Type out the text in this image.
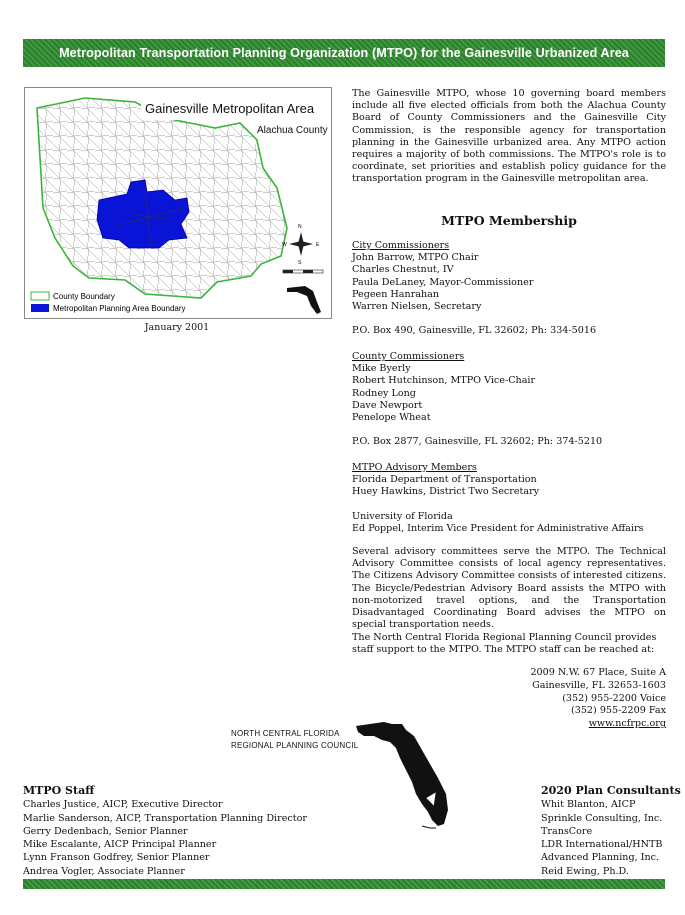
Metropolitan Transportation Planning Organization (MTPO) for the Gainesville Urbanized Area
Gainesville Metropolitan Area
Alachua County
N
W	E
S
County Boundary
Metropolitan Planning Area Boundary
January 2001
The Gainesville MTPO, whose 10 governing board members include all five elected officials from both the Alachua County Board of County Commissioners and the Gainesville City Commission, is the responsible agency for transportation planning in the Gainesville urbanized area. Any MTPO action requires a majority of both commissions. The MTPO's role is to coordinate, set priorities and establish policy guidance for the transportation program in the Gainesville metropolitan area.
MTPO Membership

City Commissioners

John Barrow, MTPO Chair

Charles Chestnut, IV

Paula DeLaney, Mayor-Commissioner

Pegeen Hanrahan

Warren Nielsen, Secretary

P.O. Box 490, Gainesville, FL 32602; Ph: 334-5016

County Commissioners

Mike Byerly

Robert Hutchinson, MTPO Vice-Chair

Rodney Long

Dave Newport

Penelope Wheat

P.O. Box 2877, Gainesville, FL 32602; Ph: 374-5210

MTPO Advisory Members

Florida Department of Transportation

Huey Hawkins, District Two Secretary

University of Florida

Ed Poppel, Interim Vice President for Administrative Affairs

Several advisory committees serve the MTPO. The Technical Advisory Committee consists of local agency representatives. The Citizens Advisory Committee consists of interested citizens. The Bicycle/Pedestrian Advisory Board assists the MTPO with non-motorized travel options, and the Transportation Disadvantaged Coordinating Board advises the MTPO on special transportation needs.
The North Central Florida Regional Planning Council provides staff support to the MTPO. The MTPO staff can be reached at:
2009 N.W. 67 Place, Suite A
Gainesville, FL 32653-1603
(352) 955-2200 Voice
(352) 955-2209 Fax
www.ncfrpc.org
NORTH CENTRAL FLORIDA
REGIONAL PLANNING COUNCIL
MTPO Staff
Charles Justice, AICP, Executive Director
Marlie Sanderson, AICP, Transportation Planning Director
Gerry Dedenbach, Senior Planner
Mike Escalante, AICP Principal Planner
Lynn Franson Godfrey, Senior Planner
Andrea Vogler, Associate Planner
2020 Plan Consultants
Whit Blanton, AICP
Sprinkle Consulting, Inc.
TransCore
LDR International/HNTB
Advanced Planning, Inc.
Reid Ewing, Ph.D.
